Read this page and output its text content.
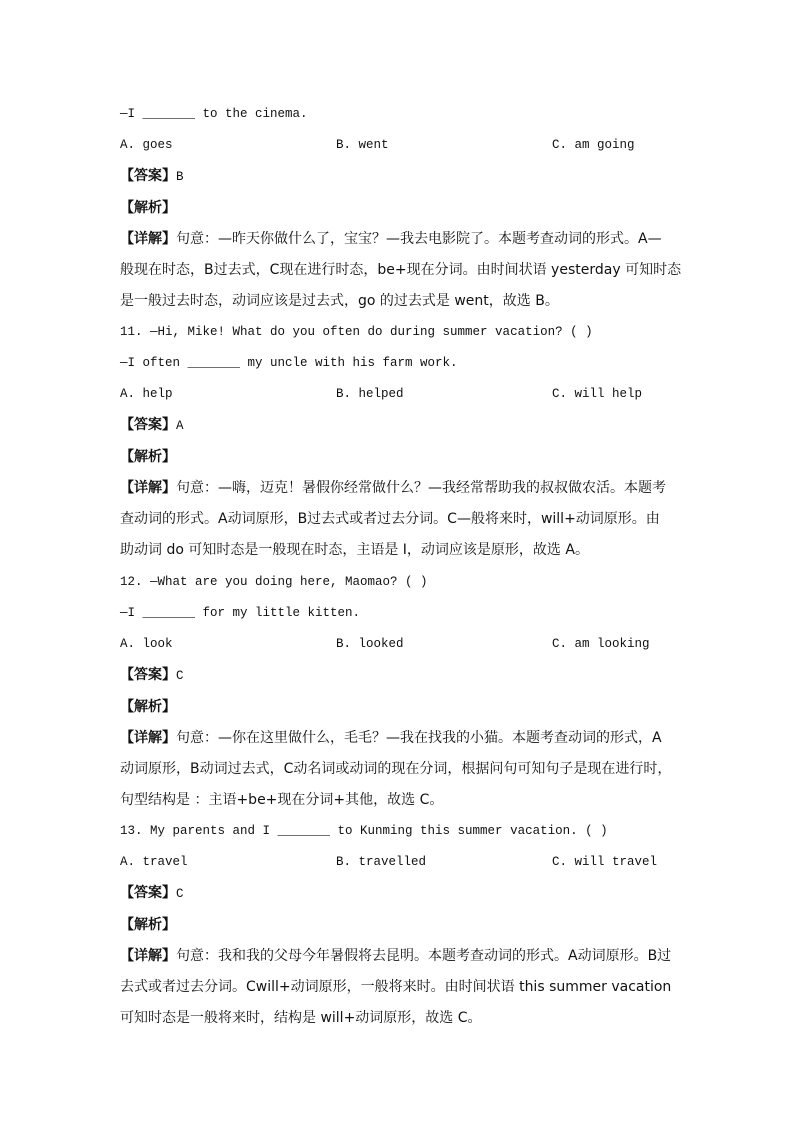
—I _______ to the cinema.
A. goes	B. went	C. am going
【答案】B
【解析】
【详解】句意：—昨天你做什么了，宝宝？—我去电影院了。本题考查动词的形式。A—
般现在时态，B过去式，C现在进行时态，be+现在分词。由时间状语 yesterday 可知时态
是一般过去时态，动词应该是过去式，go 的过去式是 went，故选 B。
11. —Hi, Mike! What do you often do during summer vacation? ( )
—I often _______ my uncle with his farm work.
A. help	B. helped	C. will help
【答案】A
【解析】
【详解】句意：—嗨，迈克！暑假你经常做什么？—我经常帮助我的叔叔做农活。本题考
查动词的形式。A动词原形，B过去式或者过去分词。C—般将来时，will+动词原形。由
助动词 do 可知时态是一般现在时态，主语是 I，动词应该是原形，故选 A。
12. —What are you doing here, Maomao? ( )
—I _______ for my little kitten.
A. look	B. looked	C. am looking
【答案】C
【解析】
【详解】句意：—你在这里做什么，毛毛？—我在找我的小猫。本题考查动词的形式，A
动词原形，B动词过去式，C动名词或动词的现在分词，根据问句可知句子是现在进行时，
句型结构是 ：主语+be+现在分词+其他，故选 C。
13. My parents and I _______ to Kunming this summer vacation. ( )
A. travel	B. travelled	C. will travel
【答案】C
【解析】
【详解】句意：我和我的父母今年暑假将去昆明。本题考查动词的形式。A动词原形。B过
去式或者过去分词。Cwill+动词原形，一般将来时。由时间状语 this summer vacation
可知时态是一般将来时，结构是 will+动词原形，故选 C。
